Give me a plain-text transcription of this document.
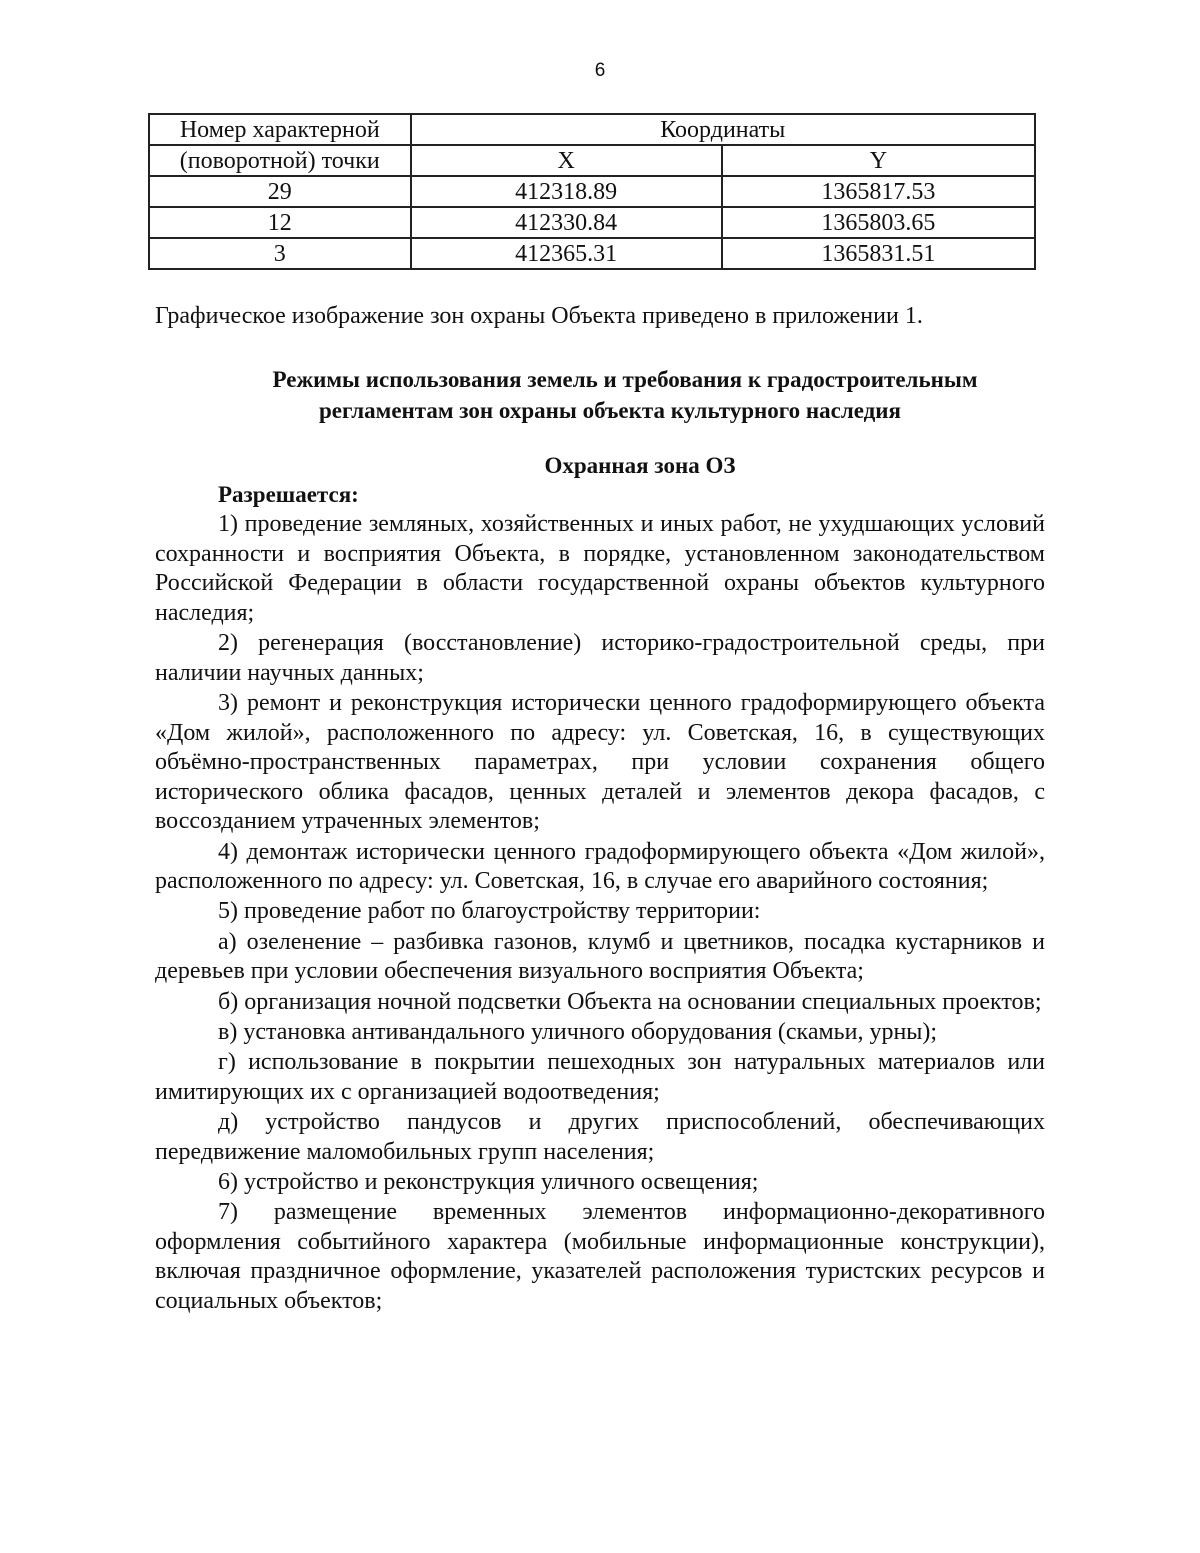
6
Номер характерной	Координаты	
(поворотной) точки	X	Y
29	412318.89	1365817.53
12	412330.84	1365803.65
3	412365.31	1365831.51
Графическое изображение зон охраны Объекта приведено в приложении 1.
Режимы использования земель и требования к градостроительным
регламентам зон охраны объекта культурного наследия
Охранная зона ОЗ
Разрешается:

1) проведение земляных, хозяйственных и иных работ, не ухудшающих условий сохранности и восприятия Объекта, в порядке, установленном законодательством Российской Федерации в области государственной охраны объектов культурного наследия;

2) регенерация (восстановление) историко-градостроительной среды, при наличии научных данных;

3) ремонт и реконструкция исторически ценного градоформирующего объекта «Дом жилой», расположенного по адресу: ул. Советская, 16, в существующих объёмно-пространственных параметрах, при условии сохранения общего исторического облика фасадов, ценных деталей и элементов декора фасадов, с воссозданием утраченных элементов;

4) демонтаж исторически ценного градоформирующего объекта «Дом жилой», расположенного по адресу: ул. Советская, 16, в случае его аварийного состояния;

5) проведение работ по благоустройству территории:

а) озеленение – разбивка газонов, клумб и цветников, посадка кустарников и деревьев при условии обеспечения визуального восприятия Объекта;

б) организация ночной подсветки Объекта на основании специальных проектов;

в) установка антивандального уличного оборудования (скамьи, урны);

г) использование в покрытии пешеходных зон натуральных материалов или имитирующих их с организацией водоотведения;

д) устройство пандусов и других приспособлений, обеспечивающих передвижение маломобильных групп населения;

6) устройство и реконструкция уличного освещения;

7) размещение временных элементов информационно-декоративного оформления событийного характера (мобильные информационные конструкции), включая праздничное оформление, указателей расположения туристских ресурсов и социальных объектов;
